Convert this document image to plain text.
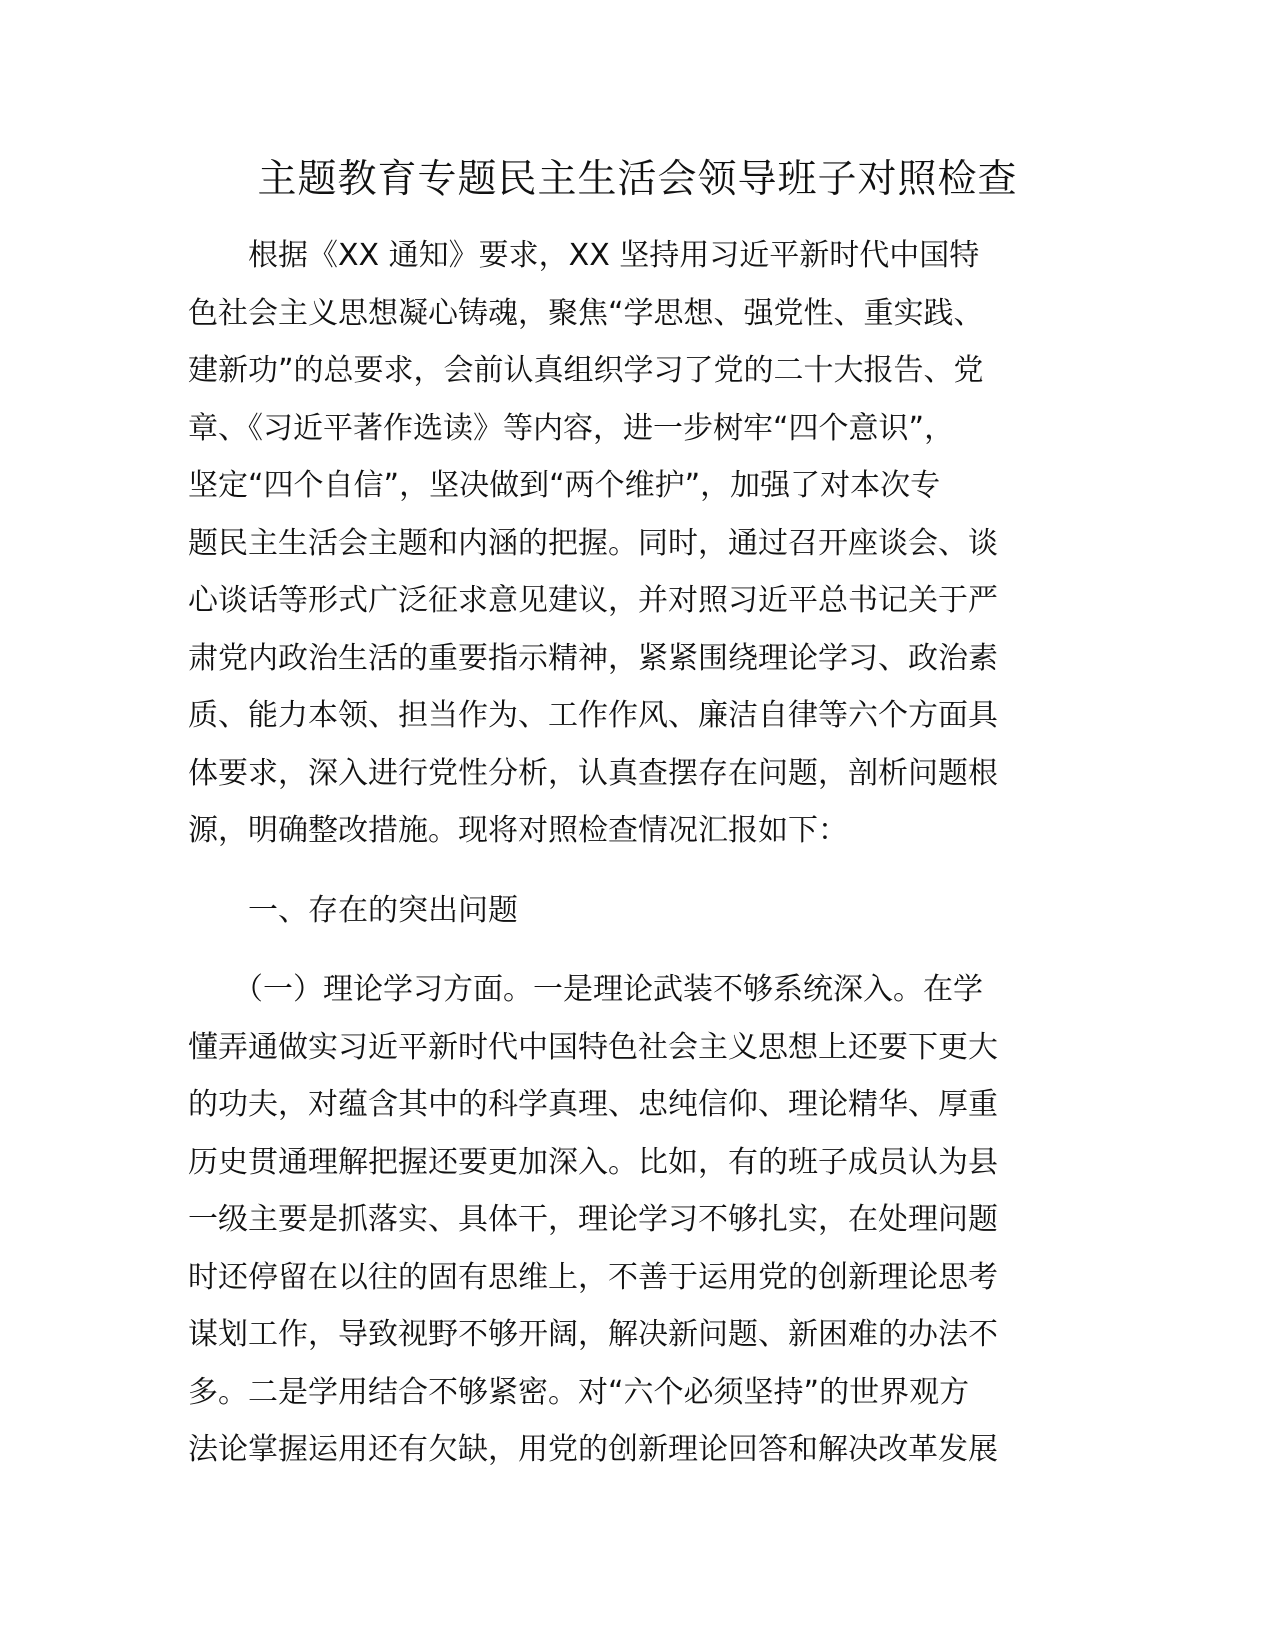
主题教育专题民主生活会领导班子对照检查

　　根据《XX 通知》要求，XX 坚持用习近平新时代中国特

色社会主义思想凝心铸魂，聚焦“学思想、强党性、重实践、

建新功”的总要求，会前认真组织学习了党的二十大报告、党

章、《习近平著作选读》等内容，进一步树牢“四个意识”，

坚定“四个自信”，坚决做到“两个维护”，加强了对本次专

题民主生活会主题和内涵的把握。同时，通过召开座谈会、谈

心谈话等形式广泛征求意见建议，并对照习近平总书记关于严

肃党内政治生活的重要指示精神，紧紧围绕理论学习、政治素

质、能力本领、担当作为、工作作风、廉洁自律等六个方面具

体要求，深入进行党性分析，认真查摆存在问题，剖析问题根

源，明确整改措施。现将对照检查情况汇报如下：

　　一、存在的突出问题

　　（一）理论学习方面。一是理论武装不够系统深入。在学

懂弄通做实习近平新时代中国特色社会主义思想上还要下更大

的功夫，对蕴含其中的科学真理、忠纯信仰、理论精华、厚重

历史贯通理解把握还要更加深入。比如，有的班子成员认为县

一级主要是抓落实、具体干，理论学习不够扎实，在处理问题

时还停留在以往的固有思维上，不善于运用党的创新理论思考

谋划工作，导致视野不够开阔，解决新问题、新困难的办法不

多。二是学用结合不够紧密。对“六个必须坚持”的世界观方

法论掌握运用还有欠缺，用党的创新理论回答和解决改革发展
